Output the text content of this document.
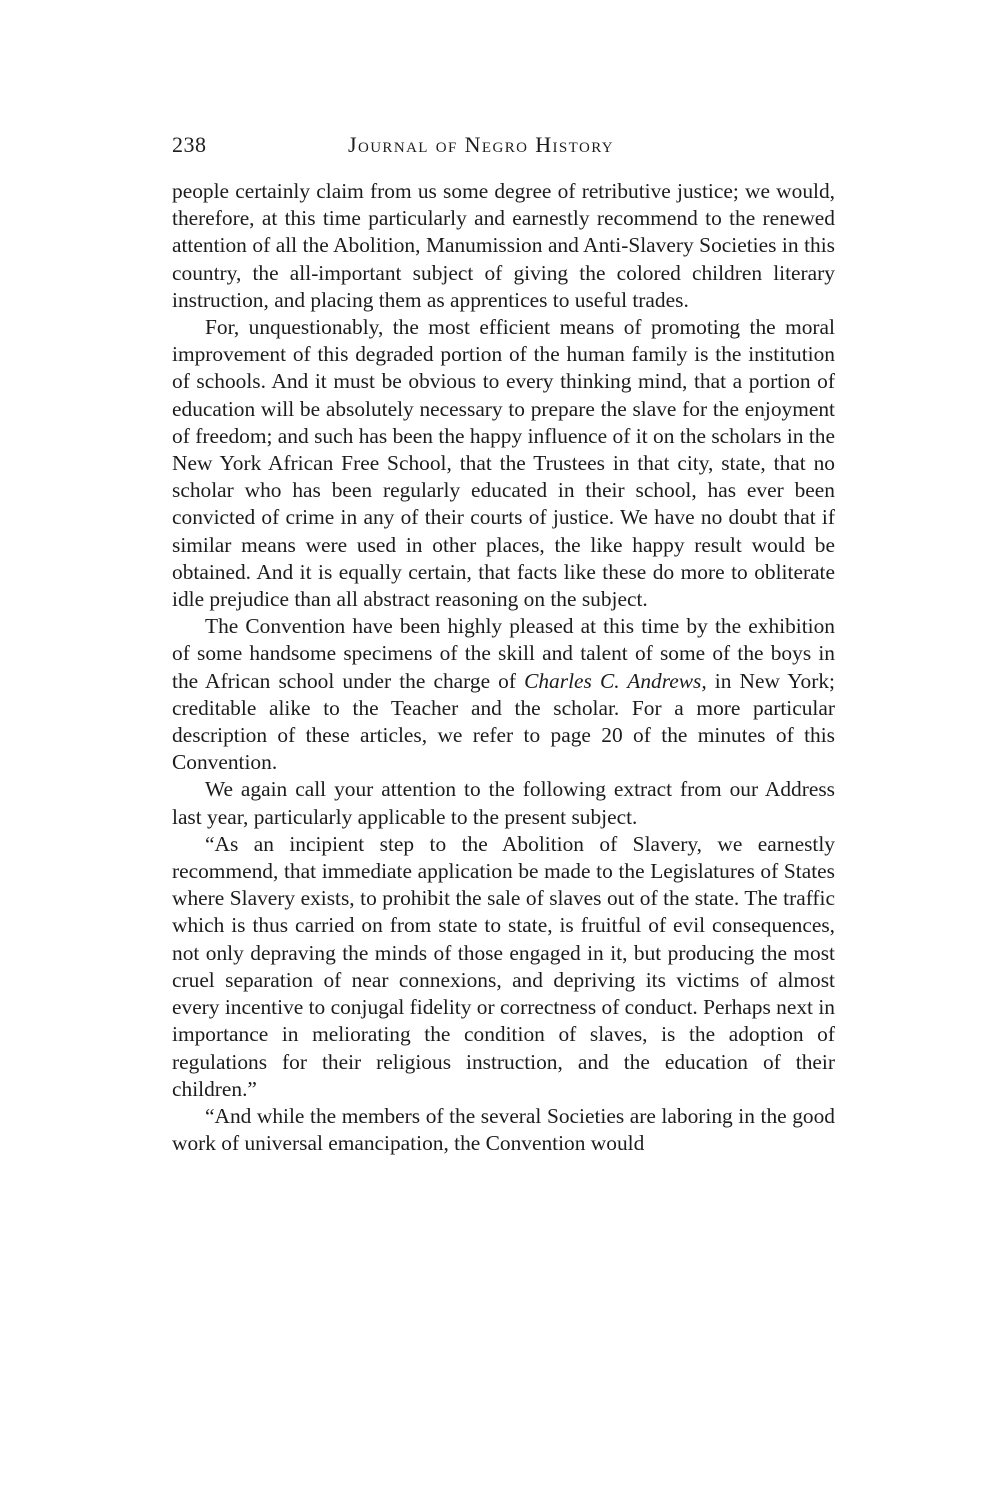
238	Journal of Negro History

people certainly claim from us some degree of retributive justice; we would, therefore, at this time particularly and earnestly recommend to the renewed attention of all the Abolition, Manumission and Anti-Slavery Societies in this country, the all-important subject of giving the colored children literary instruction, and placing them as apprentices to useful trades.

For, unquestionably, the most efficient means of promoting the moral improvement of this degraded portion of the human family is the institution of schools. And it must be obvious to every thinking mind, that a portion of education will be absolutely necessary to prepare the slave for the enjoyment of freedom; and such has been the happy influence of it on the scholars in the New York African Free School, that the Trustees in that city, state, that no scholar who has been regularly educated in their school, has ever been convicted of crime in any of their courts of justice. We have no doubt that if similar means were used in other places, the like happy result would be obtained. And it is equally certain, that facts like these do more to obliterate idle prejudice than all abstract reasoning on the subject.

The Convention have been highly pleased at this time by the exhibition of some handsome specimens of the skill and talent of some of the boys in the African school under the charge of Charles C. Andrews, in New York; creditable alike to the Teacher and the scholar. For a more particular description of these articles, we refer to page 20 of the minutes of this Convention.

We again call your attention to the following extract from our Address last year, particularly applicable to the present subject.

“As an incipient step to the Abolition of Slavery, we earnestly recommend, that immediate application be made to the Legislatures of States where Slavery exists, to prohibit the sale of slaves out of the state. The traffic which is thus carried on from state to state, is fruitful of evil consequences, not only depraving the minds of those engaged in it, but producing the most cruel separation of near connexions, and depriving its victims of almost every incentive to conjugal fidelity or correctness of conduct. Perhaps next in importance in meliorating the condition of slaves, is the adoption of regulations for their religious instruction, and the education of their children.”

“And while the members of the several Societies are laboring in the good work of universal emancipation, the Convention would
